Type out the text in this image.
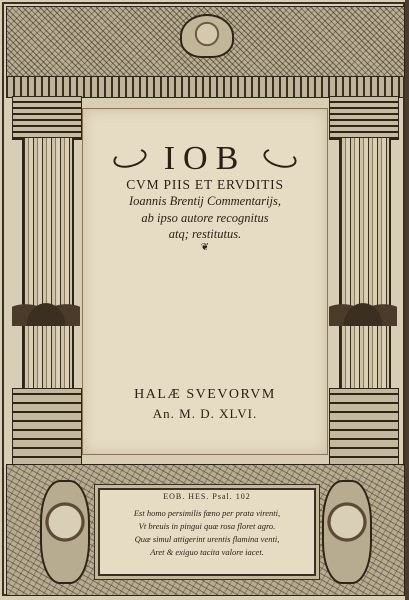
IOB
CVM PIIS ET ERVDITIS
Ioannis Brentij Commentarijs,
ab ipso autore recognitus
atq; restitutus.
❦
HALÆ SVEVORVM
An. M. D. XLVI.
EOB. HES. Psal. 102
Est homo persimilis fœno per prata virenti,
Vt breuis in pingui quæ rosa floret agro.
Quæ simul attigerint urentis flamina venti,
Aret & exiguo tacita valore iacet.
